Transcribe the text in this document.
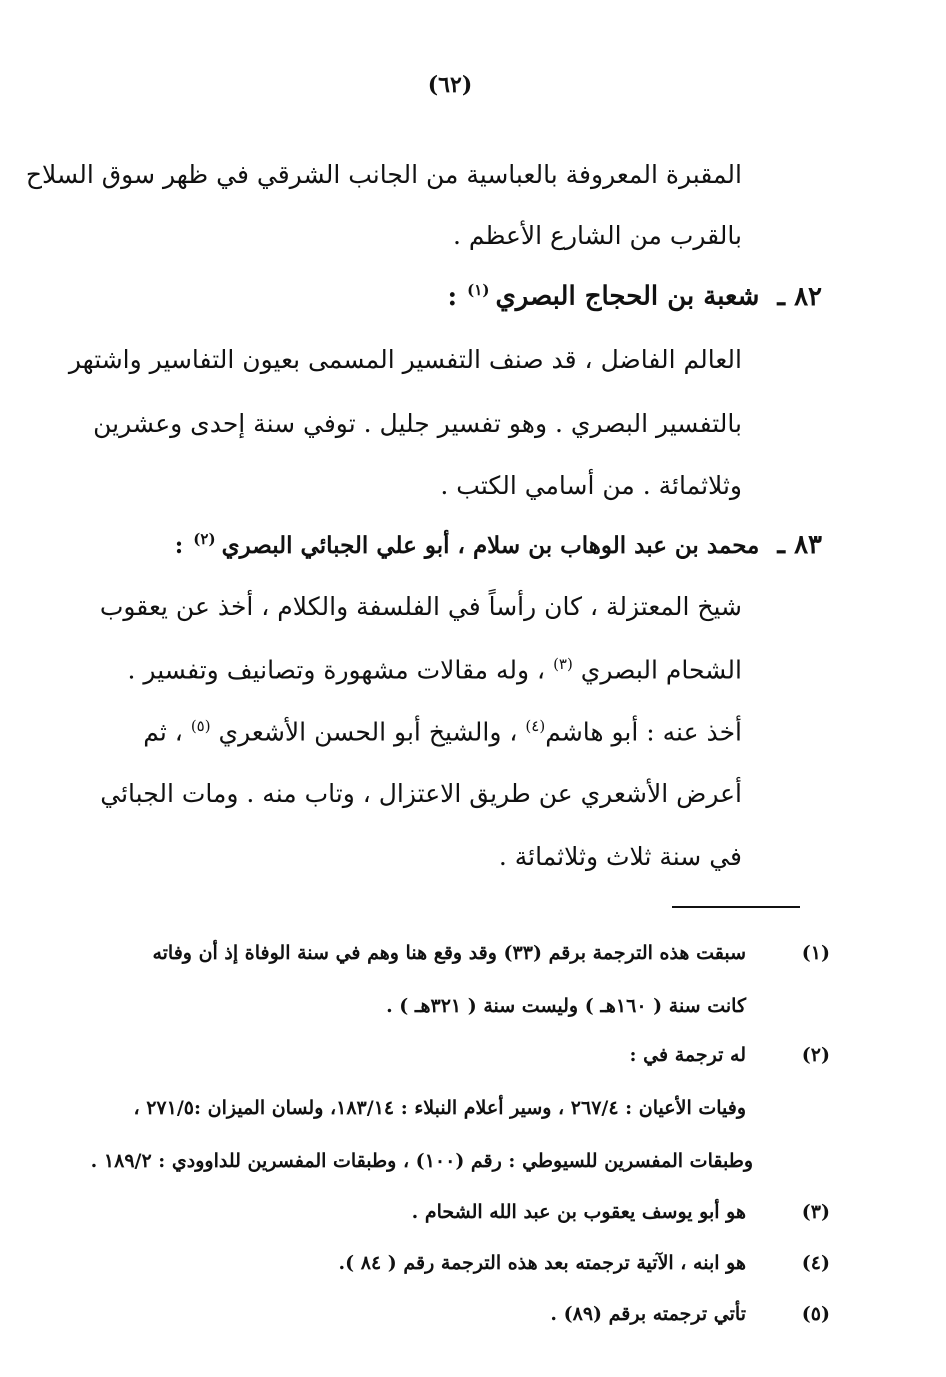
(٦٢)
المقبرة المعروفة بالعباسية من الجانب الشرقي في ظهر سوق السلاح
بالقرب من الشارع الأعظم .
٨٢ ـشعبة بن الحجاج البصري$^{(١)}$:
العالم الفاضل ، قد صنف التفسير المسمى بعيون التفاسير واشتهر
بالتفسير البصري . وهو تفسير جليل . توفي سنة إحدى وعشرين
وثلاثمائة . من أسامي الكتب .
٨٣ ـمحمد بن عبد الوهاب بن سلام ، أبو علي الجبائي البصري$^{(٢)}$:
شيخ المعتزلة ، كان رأساً في الفلسفة والكلام ، أخذ عن يعقوب
الشحام البصري $^{(٣)}$ ، وله مقالات مشهورة وتصانيف وتفسير .
أخذ عنه : أبو هاشم$^{(٤)}$ ، والشيخ أبو الحسن الأشعري $^{(٥)}$ ، ثم
أعرض الأشعري عن طريق الاعتزال ، وتاب منه . ومات الجبائي
في سنة ثلاث وثلاثمائة .
(١)
سبقت هذه الترجمة برقم (٣٣) وقد وقع هنا وهم في سنة الوفاة إذ أن وفاته
كانت سنة ( ١٦٠هـ ) وليست سنة ( ٣٢١هـ ) .
(٢)
له ترجمة في :
وفيات الأعيان : ٢٦٧/٤ ، وسير أعلام النبلاء : ١٨٣/١٤، ولسان الميزان :٢٧١/٥ ،
وطبقات المفسرين للسيوطي : رقم (١٠٠) ، وطبقات المفسرين للداوودي : ١٨٩/٢ .
(٣)
هو أبو يوسف يعقوب بن عبد الله الشحام .
(٤)
هو ابنه ، الآتية ترجمته بعد هذه الترجمة رقم ( ٨٤ ).
(٥)
تأتي ترجمته برقم (٨٩) .
